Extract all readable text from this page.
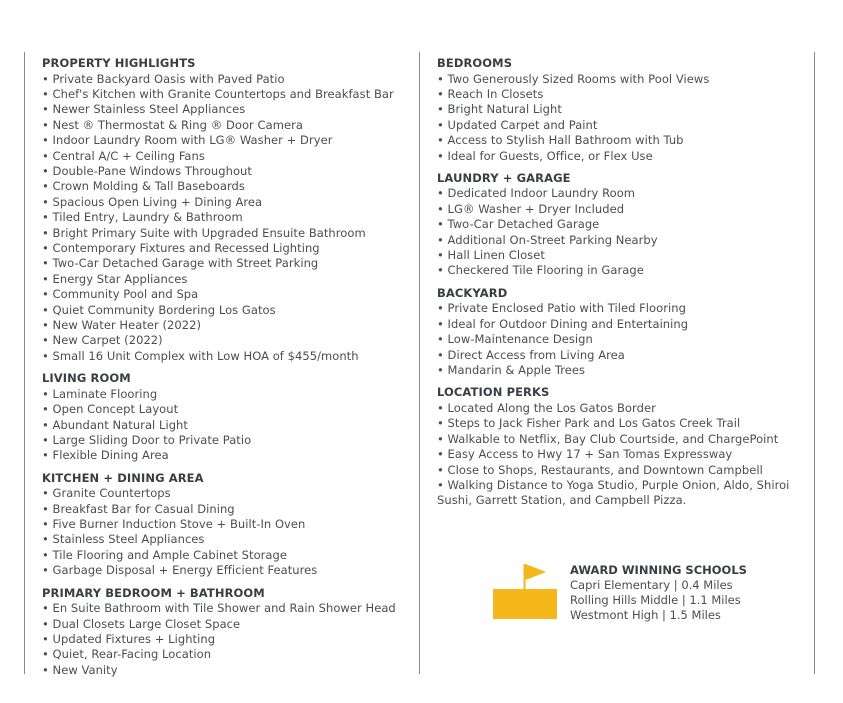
PROPERTY HIGHLIGHTS
• Private Backyard Oasis with Paved Patio
• Chef's Kitchen with Granite Countertops and Breakfast Bar
• Newer Stainless Steel Appliances
• Nest ® Thermostat & Ring ® Door Camera
• Indoor Laundry Room with LG® Washer + Dryer
• Central A/C + Ceiling Fans
• Double-Pane Windows Throughout
• Crown Molding & Tall Baseboards
• Spacious Open Living + Dining Area
• Tiled Entry, Laundry & Bathroom
• Bright Primary Suite with Upgraded Ensuite Bathroom
• Contemporary Fixtures and Recessed Lighting
• Two-Car Detached Garage with Street Parking
• Energy Star Appliances
• Community Pool and Spa
• Quiet Community Bordering Los Gatos
• New Water Heater (2022)
• New Carpet (2022)
• Small 16 Unit Complex with Low HOA of $455/month
LIVING ROOM
• Laminate Flooring
• Open Concept Layout
• Abundant Natural Light
• Large Sliding Door to Private Patio
• Flexible Dining Area
KITCHEN + DINING AREA
• Granite Countertops
• Breakfast Bar for Casual Dining
• Five Burner Induction Stove + Built-In Oven
• Stainless Steel Appliances
• Tile Flooring and Ample Cabinet Storage
• Garbage Disposal + Energy Efficient Features
PRIMARY BEDROOM + BATHROOM
• En Suite Bathroom with Tile Shower and Rain Shower Head
• Dual Closets Large Closet Space
• Updated Fixtures + Lighting
• Quiet, Rear-Facing Location
• New Vanity
BEDROOMS
• Two Generously Sized Rooms with Pool Views
• Reach In Closets
• Bright Natural Light
• Updated Carpet and Paint
• Access to Stylish Hall Bathroom with Tub
• Ideal for Guests, Office, or Flex Use
LAUNDRY + GARAGE
• Dedicated Indoor Laundry Room
• LG® Washer + Dryer Included
• Two-Car Detached Garage
• Additional On-Street Parking Nearby
• Hall Linen Closet
• Checkered Tile Flooring in Garage
BACKYARD
• Private Enclosed Patio with Tiled Flooring
• Ideal for Outdoor Dining and Entertaining
• Low-Maintenance Design
• Direct Access from Living Area
• Mandarin & Apple Trees
LOCATION PERKS
• Located Along the Los Gatos Border
• Steps to Jack Fisher Park and Los Gatos Creek Trail
• Walkable to Netflix, Bay Club Courtside, and ChargePoint
• Easy Access to Hwy 17 + San Tomas Expressway
• Close to Shops, Restaurants, and Downtown Campbell
• Walking Distance to Yoga Studio, Purple Onion, Aldo, Shiroi Sushi, Garrett Station, and Campbell Pizza.
AWARD WINNING SCHOOLS
Capri Elementary | 0.4 Miles
Rolling Hills Middle | 1.1 Miles
Westmont High | 1.5 Miles
